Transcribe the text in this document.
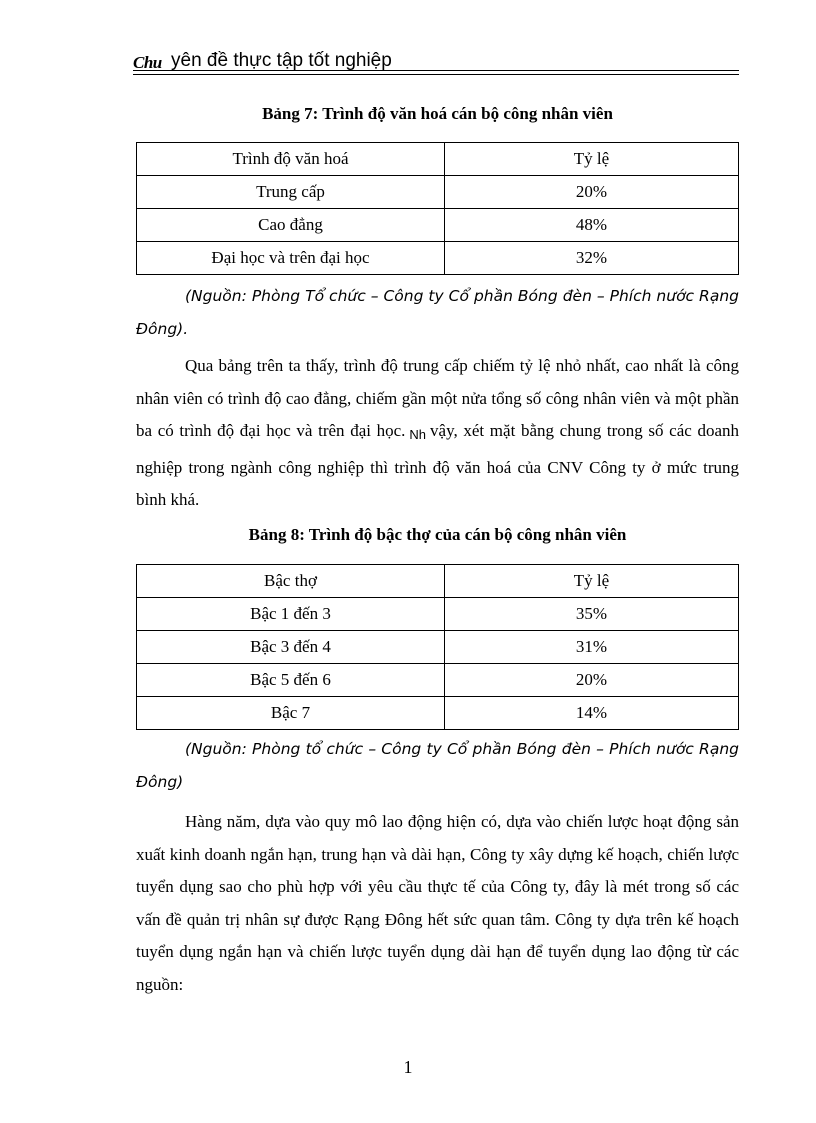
Chu yên đề thực tập tốt nghiệp
Bảng 7: Trình độ văn hoá cán bộ công nhân viên
Trình độ văn hoá	Tỷ lệ
Trung cấp	20%
Cao đẳng	48%
Đại học và trên đại học	32%

(Nguồn: Phòng Tổ chức – Công ty Cổ phần Bóng đèn – Phích nước Rạng Đông).

Qua bảng trên ta thấy, trình độ trung cấp chiếm tỷ lệ nhỏ nhất, cao nhất là công nhân viên có trình độ cao đẳng, chiếm gần một nửa tổng số công nhân viên và một phần ba có trình độ đại học và trên đại học. Nh vậy, xét mặt bằng chung trong số các doanh nghiệp trong ngành công nghiệp thì trình độ văn hoá của CNV Công ty ở mức trung bình khá.

Bảng 8: Trình độ bậc thợ của cán bộ công nhân viên
Bậc thợ	Tỷ lệ
Bậc 1 đến 3	35%
Bậc 3 đến 4	31%
Bậc 5 đến 6	20%
Bậc 7	14%

(Nguồn: Phòng tổ chức – Công ty Cổ phần Bóng đèn – Phích nước Rạng Đông)

Hàng năm, dựa vào quy mô lao động hiện có, dựa vào chiến lược hoạt động sản xuất kinh doanh ngắn hạn, trung hạn và dài hạn, Công ty xây dựng kế hoạch, chiến lược tuyển dụng sao cho phù hợp với yêu cầu thực tế của Công ty, đây là mét trong số các vấn đề quản trị nhân sự được Rạng Đông hết sức quan tâm. Công ty dựa trên kế hoạch tuyển dụng ngắn hạn và chiến lược tuyển dụng dài hạn để tuyển dụng lao động từ các nguồn:

1
